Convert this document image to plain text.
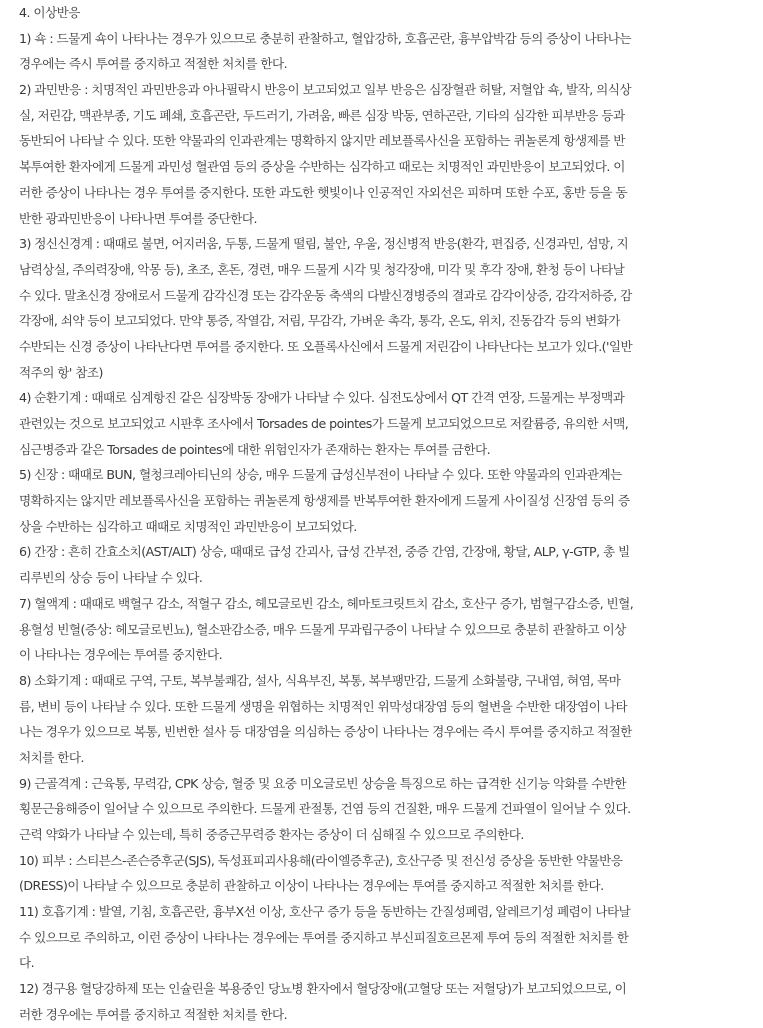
4. 이상반응
1) 쇽 : 드물게 쇽이 나타나는 경우가 있으므로 충분히 관찰하고, 혈압강하, 호흡곤란, 흉부압박감 등의 증상이 나타나는
경우에는 즉시 투여를 중지하고 적절한 처치를 한다.
2) 과민반응 : 치명적인 과민반응과 아나필락시 반응이 보고되었고 일부 반응은 심장혈관 허탈, 저혈압 쇽, 발작, 의식상
실, 저린감, 맥관부종, 기도 폐쇄, 호흡곤란, 두드러기, 가려움, 빠른 심장 박동, 연하곤란, 기타의 심각한 피부반응 등과
동반되어 나타날 수 있다. 또한 약물과의 인과관계는 명확하지 않지만 레보플록사신을 포함하는 퀴놀론계 항생제를 반
복투여한 환자에게 드물게 과민성 혈관염 등의 증상을 수반하는 심각하고 때로는 치명적인 과민반응이 보고되었다. 이
러한 증상이 나타나는 경우 투여를 중지한다. 또한 과도한 햇빛이나 인공적인 자외선은 피하며 또한 수포, 홍반 등을 동
반한 광과민반응이 나타나면 투여를 중단한다.
3) 정신신경계 : 때때로 불면, 어지러움, 두통, 드물게 떨림, 불안, 우울, 정신병적 반응(환각, 편집증, 신경과민, 섬망, 지
남력상실, 주의력장애, 악몽 등), 초조, 혼돈, 경련, 매우 드물게 시각 및 청각장애, 미각 및 후각 장애, 환청 등이 나타날
수 있다. 말초신경 장애로서 드물게 감각신경 또는 감각운동 축색의 다발신경병증의 결과로 감각이상증, 감각저하증, 감
각장애, 쇠약 등이 보고되었다. 만약 통증, 작열감, 저림, 무감각, 가벼운 촉각, 통각, 온도, 위치, 진동감각 등의 변화가
수반되는 신경 증상이 나타난다면 투여를 중지한다. 또 오플록사신에서 드물게 저린감이 나타난다는 보고가 있다.('일반
적주의 항' 참조)
4) 순환기계 : 때때로 심계항진 같은 심장박동 장애가 나타날 수 있다. 심전도상에서 QT 간격 연장, 드물게는 부정맥과
관련있는 것으로 보고되었고 시판후 조사에서 Torsades de pointes가 드물게 보고되었으므로 저칼륨증, 유의한 서맥,
심근병증과 같은 Torsades de pointes에 대한 위험인자가 존재하는 환자는 투여를 금한다.
5) 신장 : 때때로 BUN, 혈청크레아티닌의 상승, 매우 드물게 급성신부전이 나타날 수 있다. 또한 약물과의 인과관계는
명확하지는 않지만 레보플록사신을 포함하는 퀴놀론계 항생제를 반복투여한 환자에게 드물게 사이질성 신장염 등의 증
상을 수반하는 심각하고 때때로 치명적인 과민반응이 보고되었다.
6) 간장 : 흔히 간효소치(AST/ALT) 상승, 때때로 급성 간괴사, 급성 간부전, 중증 간염, 간장애, 황달, ALP, γ-GTP, 총 빌
리루빈의 상승 등이 나타날 수 있다.
7) 혈액계 : 때때로 백혈구 감소, 적혈구 감소, 헤모글로빈 감소, 헤마토크릿트치 감소, 호산구 증가, 범혈구감소증, 빈혈,
용혈성 빈혈(증상: 헤모글로빈뇨), 혈소판감소증, 매우 드물게 무과립구증이 나타날 수 있으므로 충분히 관찰하고 이상
이 나타나는 경우에는 투여를 중지한다.
8) 소화기계 : 때때로 구역, 구토, 복부불쾌감, 설사, 식욕부진, 복통, 복부팽만감, 드물게 소화불량, 구내염, 혀염, 목마
름, 변비 등이 나타날 수 있다. 또한 드물게 생명을 위협하는 치명적인 위막성대장염 등의 혈변을 수반한 대장염이 나타
나는 경우가 있으므로 복통, 빈번한 설사 등 대장염을 의심하는 증상이 나타나는 경우에는 즉시 투여를 중지하고 적절한
처치를 한다.
9) 근골격계 : 근육통, 무력감, CPK 상승, 혈중 및 요중 미오글로빈 상승을 특징으로 하는 급격한 신기능 악화를 수반한
횡문근융해증이 일어날 수 있으므로 주의한다. 드물게 관절통, 건염 등의 건질환, 매우 드물게 건파열이 일어날 수 있다.
근력 약화가 나타날 수 있는데, 특히 중증근무력증 환자는 증상이 더 심해질 수 있으므로 주의한다.
10) 피부 : 스티븐스-존슨증후군(SJS), 독성표피괴사용해(라이엘증후군), 호산구증 및 전신성 증상을 동반한 약물반응
(DRESS)이 나타날 수 있으므로 충분히 관찰하고 이상이 나타나는 경우에는 투여를 중지하고 적절한 처치를 한다.
11) 호흡기계 : 발열, 기침, 호흡곤란, 흉부X선 이상, 호산구 증가 등을 동반하는 간질성폐렴, 알레르기성 폐렴이 나타날
수 있으므로 주의하고, 이런 증상이 나타나는 경우에는 투여를 중지하고 부신피질호르몬제 투여 등의 적절한 처치를 한
다.
12) 경구용 혈당강하제 또는 인슐린을 복용중인 당뇨병 환자에서 혈당장애(고혈당 또는 저혈당)가 보고되었으므로, 이
러한 경우에는 투여를 중지하고 적절한 처치를 한다.
